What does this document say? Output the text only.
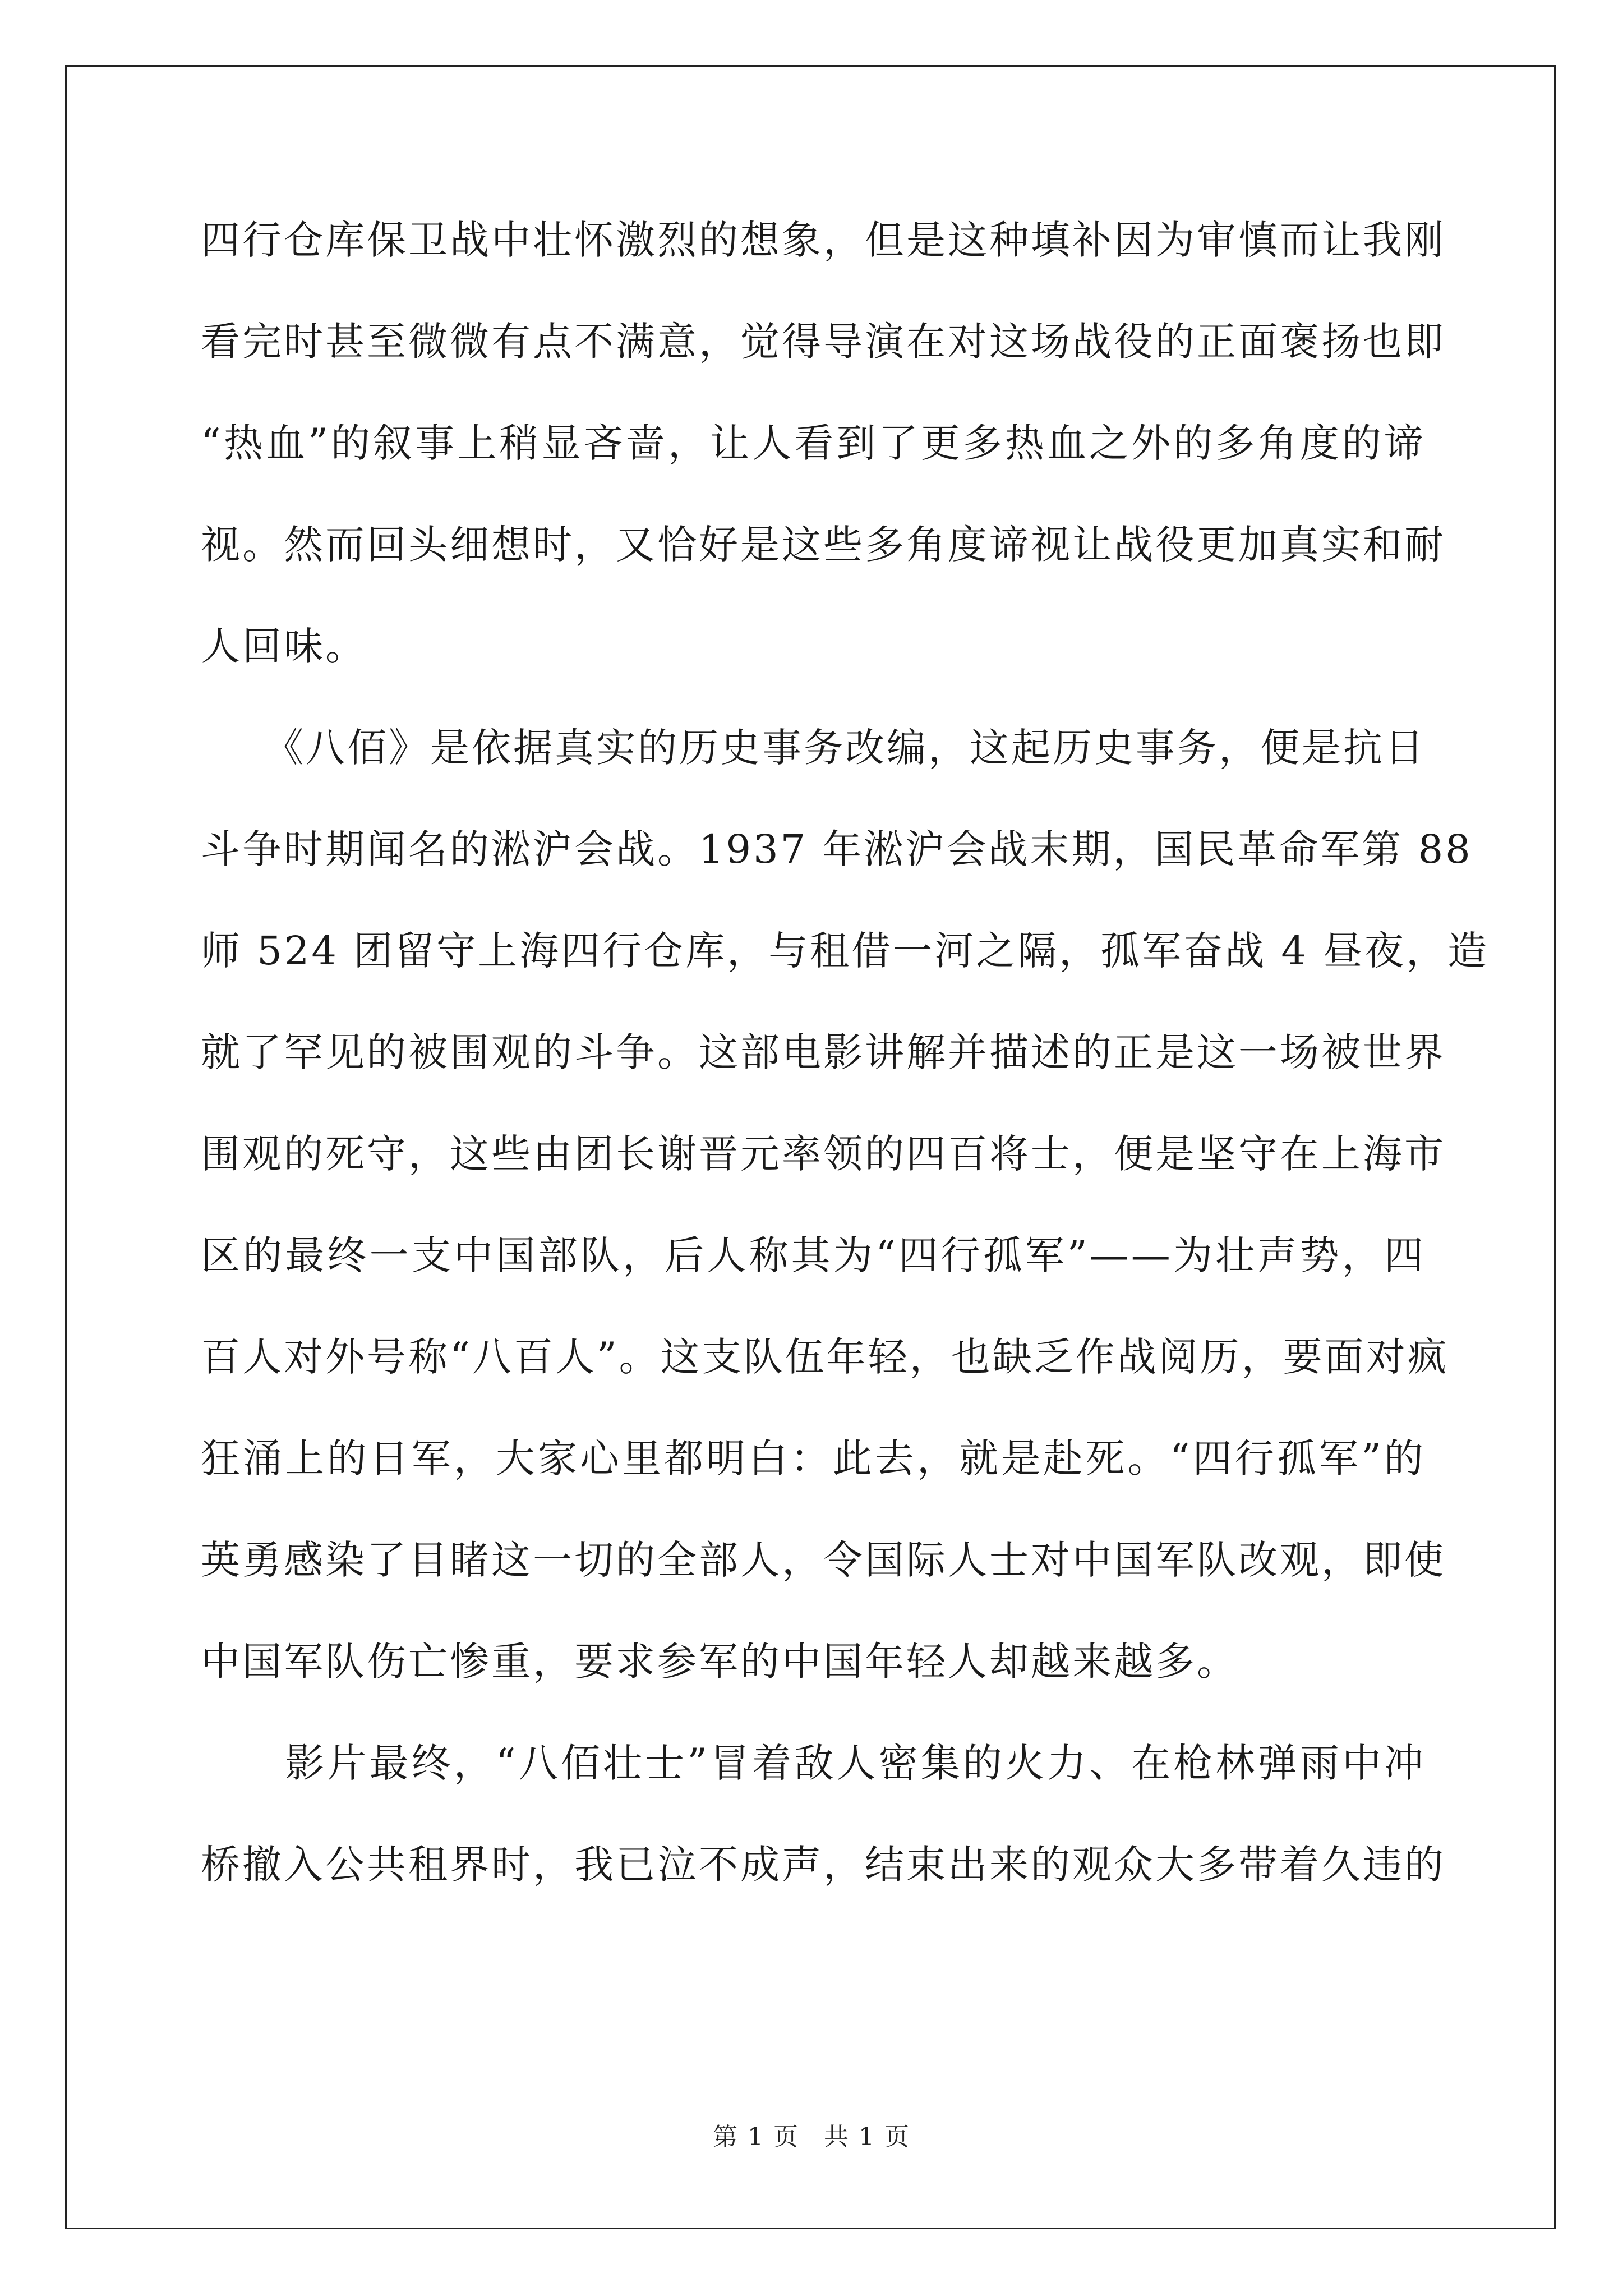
四行仓库保卫战中壮怀激烈的想象，但是这种填补因为审慎而让我刚
看完时甚至微微有点不满意，觉得导演在对这场战役的正面褒扬也即
“热血”的叙事上稍显吝啬，让人看到了更多热血之外的多角度的谛
视。然而回头细想时，又恰好是这些多角度谛视让战役更加真实和耐
人回味。
　　《八佰》是依据真实的历史事务改编，这起历史事务，便是抗日
斗争时期闻名的淞沪会战。1937 年淞沪会战末期，国民革命军第 88
师 524 团留守上海四行仓库，与租借一河之隔，孤军奋战 4 昼夜，造
就了罕见的被围观的斗争。这部电影讲解并描述的正是这一场被世界
围观的死守，这些由团长谢晋元率领的四百将士，便是坚守在上海市
区的最终一支中国部队，后人称其为“四行孤军”——为壮声势，四
百人对外号称“八百人”。这支队伍年轻，也缺乏作战阅历，要面对疯
狂涌上的日军，大家心里都明白：此去，就是赴死。“四行孤军”的
英勇感染了目睹这一切的全部人，令国际人士对中国军队改观，即使
中国军队伤亡惨重，要求参军的中国年轻人却越来越多。
　　影片最终，“八佰壮士”冒着敌人密集的火力、在枪林弹雨中冲
桥撤入公共租界时，我已泣不成声，结束出来的观众大多带着久违的
第 1 页 共 1 页
